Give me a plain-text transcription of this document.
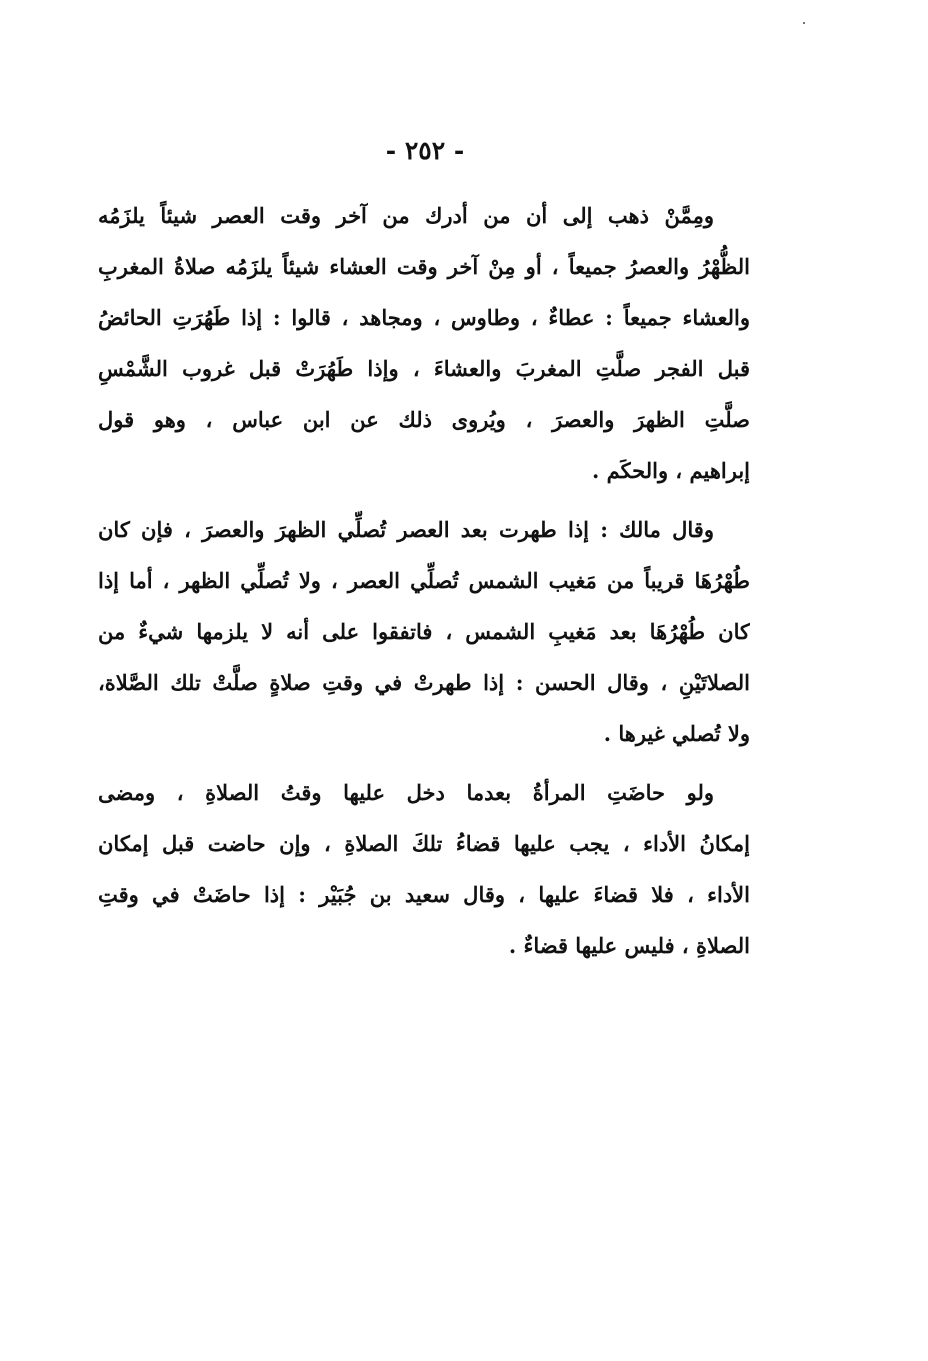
- ٢٥٢ -

ومِمَّنْ ذهب إلى أن من أدرك من آخر وقت العصر شيئاً يلزَمُه
الظُّهْرُ والعصرُ جميعاً ، أو مِنْ آخر وقت العشاء شيئاً يلزَمُه صلاةُ المغربِ
والعشاء جميعاً : عطاءٌ ، وطاوس ، ومجاهد ، قالوا : إذا طَهُرَتِ الحائضُ
قبل الفجر صلَّتِ المغربَ والعشاءَ ، وإذا طَهُرَتْ قبل غروب الشَّمْسِ
صلَّتِ الظهرَ والعصرَ ، ويُروى ذلك عن ابن عباس ، وهو قول
إبراهيم ، والحكَم .

وقال مالك : إذا طهرت بعد العصر تُصلِّي الظهرَ والعصرَ ، فإن كان
طُهْرُهَا قريباً من مَغيب الشمس تُصلِّي العصر ، ولا تُصلِّي الظهر ، أما إذا
كان طُهْرُهَا بعد مَغيبِ الشمس ، فاتفقوا على أنه لا يلزمها شيءٌ من
الصلاتَيْنِ ، وقال الحسن : إذا طهرتْ في وقتِ صلاةٍ صلَّتْ تلك الصَّلاة،
ولا تُصلي غيرها .

ولو حاضَتِ المرأةُ بعدما دخل عليها وقتُ الصلاةِ ، ومضى
إمكانُ الأداء ، يجب عليها قضاءُ تلكَ الصلاةِ ، وإن حاضت قبل إمكان
الأداء ، فلا قضاءَ عليها ، وقال سعيد بن جُبَيْر : إذا حاضَتْ في وقتِ
الصلاةِ ، فليس عليها قضاءٌ .
